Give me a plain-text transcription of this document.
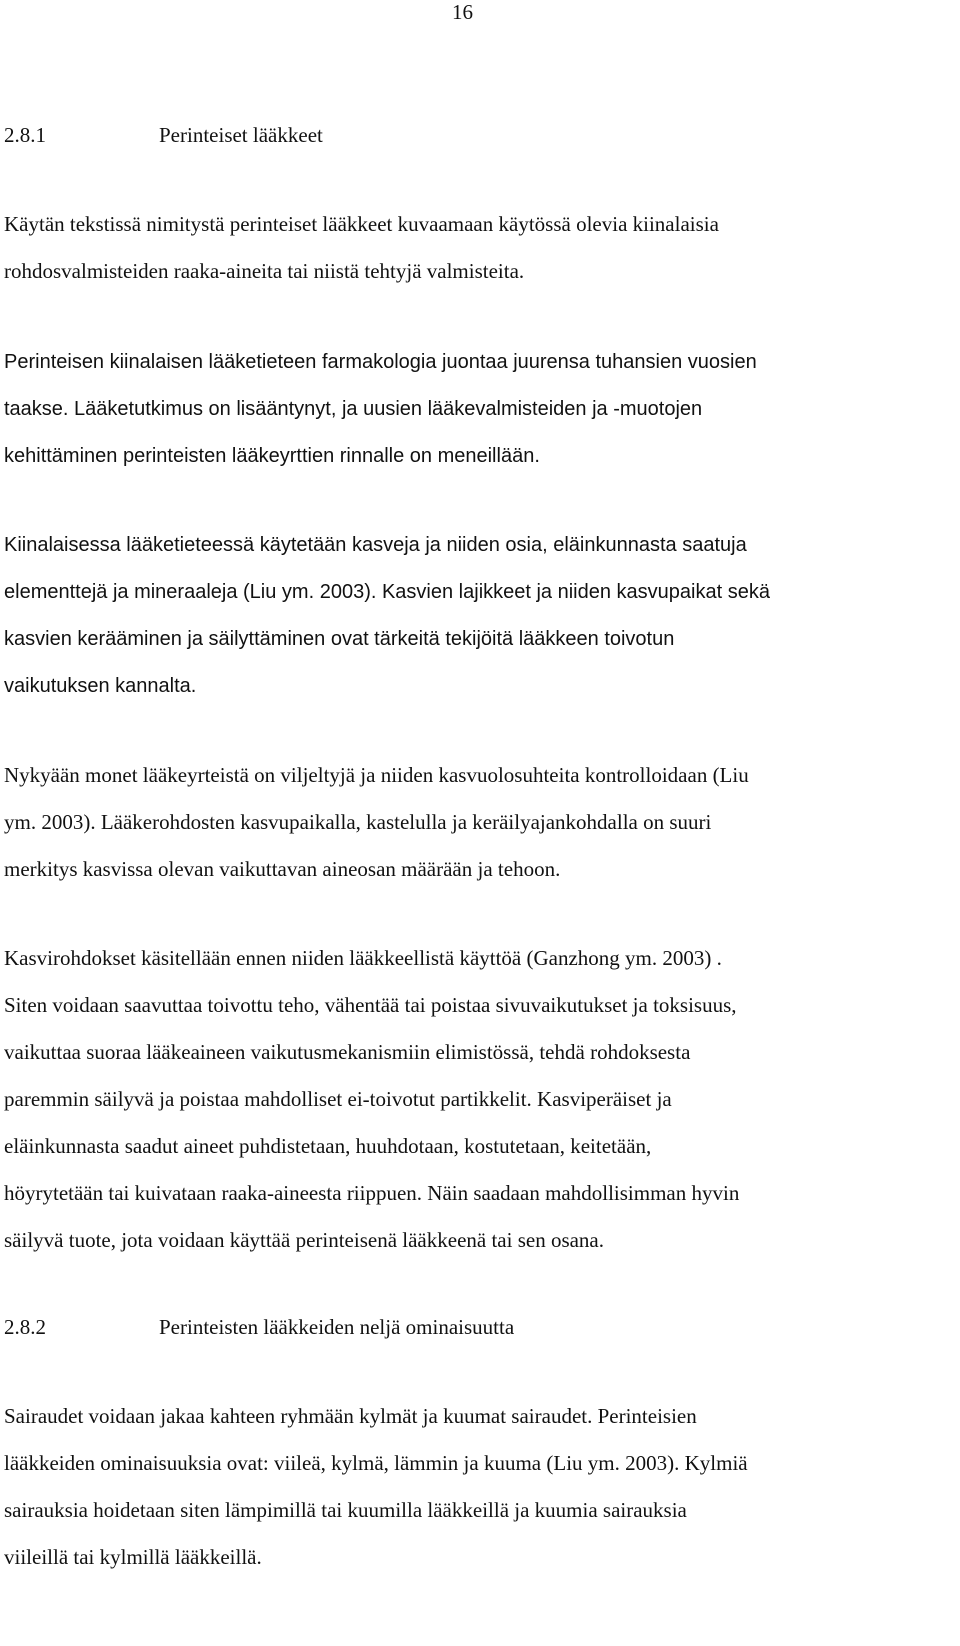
16
2.8.1	Perinteiset lääkkeet
Käytän tekstissä nimitystä perinteiset lääkkeet kuvaamaan käytössä olevia kiinalaisia
rohdosvalmisteiden raaka-aineita tai niistä tehtyjä valmisteita.
Perinteisen kiinalaisen lääketieteen farmakologia juontaa juurensa tuhansien vuosien
taakse. Lääketutkimus on lisääntynyt, ja uusien lääkevalmisteiden ja -muotojen
kehittäminen perinteisten lääkeyrttien rinnalle on meneillään.
Kiinalaisessa lääketieteessä käytetään kasveja ja niiden osia, eläinkunnasta saatuja
elementtejä ja mineraaleja (Liu ym. 2003). Kasvien lajikkeet ja niiden kasvupaikat sekä
kasvien kerääminen ja säilyttäminen ovat tärkeitä tekijöitä lääkkeen toivotun
vaikutuksen kannalta.
Nykyään monet lääkeyrteistä on viljeltyjä ja niiden kasvuolosuhteita kontrolloidaan (Liu
ym. 2003). Lääkerohdosten kasvupaikalla, kastelulla ja keräilyajankohdalla on suuri
merkitys kasvissa olevan vaikuttavan aineosan määrään ja tehoon.
Kasvirohdokset käsitellään ennen niiden lääkkeellistä käyttöä (Ganzhong ym. 2003) .
Siten voidaan saavuttaa toivottu teho, vähentää tai poistaa sivuvaikutukset ja toksisuus,
vaikuttaa suoraa lääkeaineen vaikutusmekanismiin elimistössä, tehdä rohdoksesta
paremmin säilyvä ja poistaa mahdolliset ei-toivotut partikkelit. Kasviperäiset ja
eläinkunnasta saadut aineet puhdistetaan, huuhdotaan, kostutetaan, keitetään,
höyrytetään tai kuivataan raaka-aineesta riippuen. Näin saadaan mahdollisimman hyvin
säilyvä tuote, jota voidaan käyttää perinteisenä lääkkeenä tai sen osana.
2.8.2	Perinteisten lääkkeiden neljä ominaisuutta
Sairaudet voidaan jakaa kahteen ryhmään kylmät ja kuumat sairaudet. Perinteisien
lääkkeiden ominaisuuksia ovat: viileä, kylmä, lämmin ja kuuma (Liu ym. 2003). Kylmiä
sairauksia hoidetaan siten lämpimillä tai kuumilla lääkkeillä ja kuumia sairauksia
viileillä tai kylmillä lääkkeillä.
